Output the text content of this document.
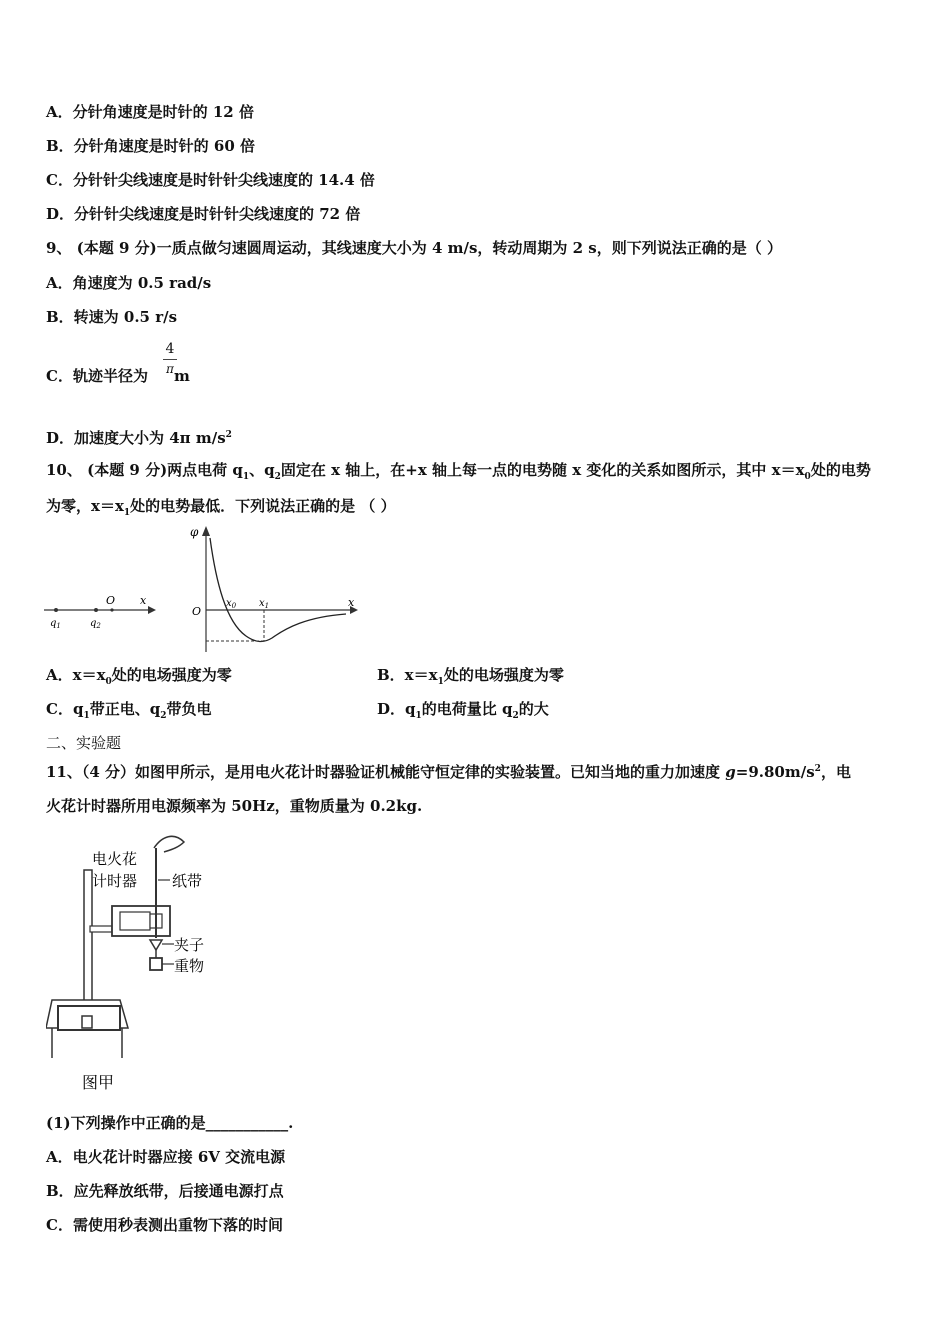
A．分针角速度是时针的 12 倍
B．分针角速度是时针的 60 倍
C．分针针尖线速度是时针针尖线速度的 14.4 倍
D．分针针尖线速度是时针针尖线速度的 72 倍
9、 (本题 9 分)一质点做匀速圆周运动，其线速度大小为 4 m/s，转动周期为 2 s，则下列说法正确的是（ ）
A．角速度为 0.5 rad/s
B．转速为 0.5 r/s
C．轨迹半径为 m
4
π
D．加速度大小为 4π $m/s^2$
10、 (本题 9 分)两点电荷 $q_1$、$q_2$固定在 x 轴上，在+x 轴上每一点的电势随 x 变化的关系如图所示，其中 $x=x_0$处的电势
为零，$x=x_1$处的电势最低．下列说法正确的是 （ ）
O x
$q_1$	$q_2$
φ
O
x
$x_0$ $x_1$
A．$x=x_0$处的电场强度为零	B．$x=x_1$处的电场强度为零
C．$q_1$带正电、$q_2$带负电	D．$q_1$的电荷量比 $q_2$的大
二、实验题
11、（4 分）如图甲所示，是用电火花计时器验证机械能守恒定律的实验装置。已知当地的重力加速度 $g=9.80m/s^2$，电
火花计时器所用电源频率为 50Hz，重物质量为 0.2kg.
电火花
计时器 纸带
夹子
重物
图甲
(1)下列操作中正确的是___________.
A．电火花计时器应接 6V 交流电源
B．应先释放纸带，后接通电源打点
C．需使用秒表测出重物下落的时间
